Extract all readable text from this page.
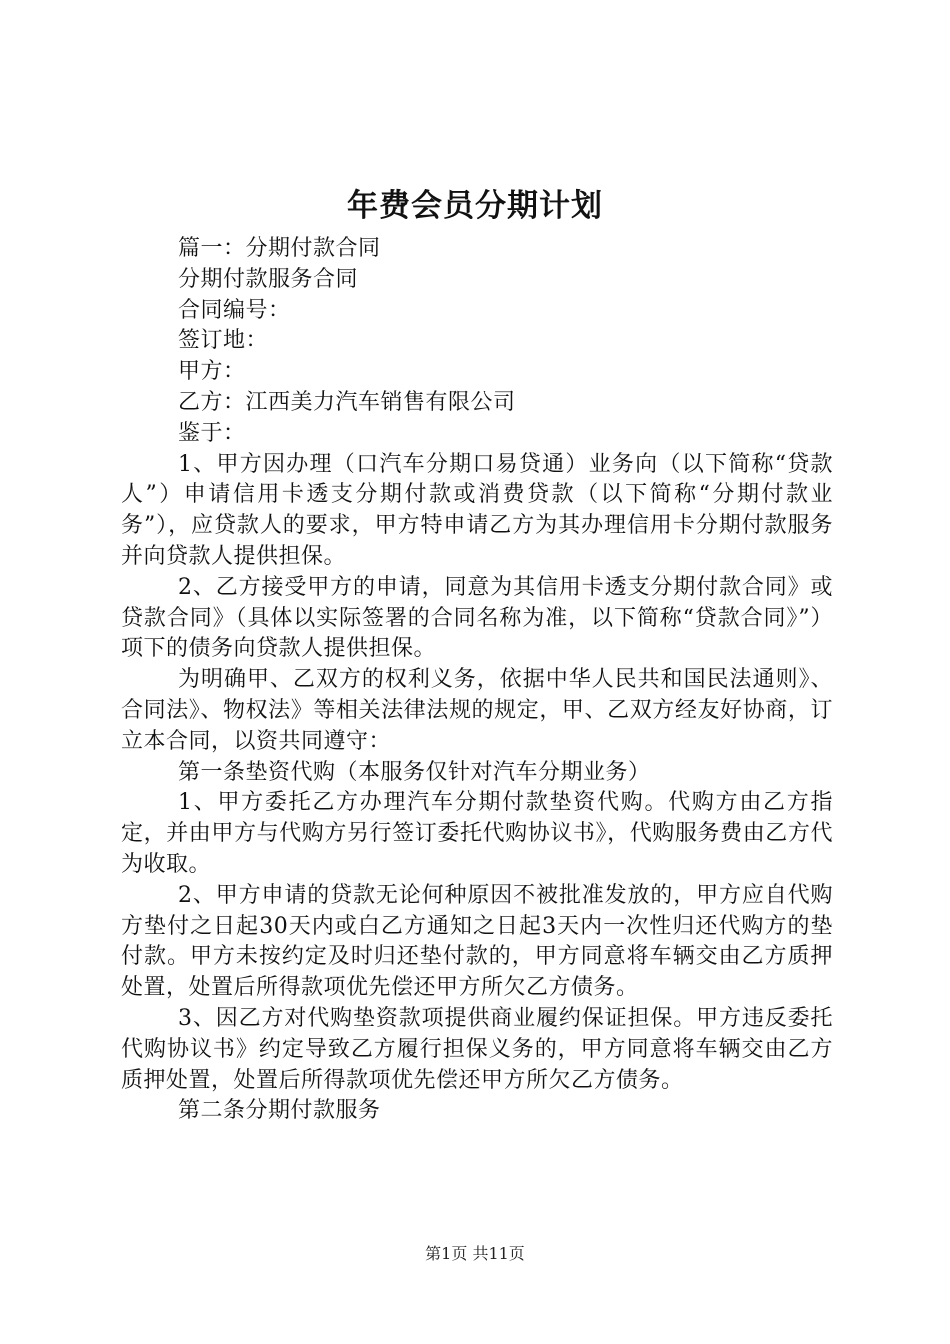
年费会员分期计划

篇一：分期付款合同

分期付款服务合同

合同编号：

签订地：

甲方：

乙方：江西美力汽车销售有限公司

鉴于：

1、甲方因办理（口汽车分期口易贷通）业务向（以下简称“贷款人”）申请信用卡透支分期付款或消费贷款（以下简称“分期付款业务”），应贷款人的要求，甲方特申请乙方为其办理信用卡分期付款服务并向贷款人提供担保。

2、乙方接受甲方的申请，同意为其信用卡透支分期付款合同》或贷款合同》（具体以实际签署的合同名称为准，以下简称“贷款合同》”）项下的债务向贷款人提供担保。

为明确甲、乙双方的权利义务，依据中华人民共和国民法通则》、合同法》、物权法》等相关法律法规的规定，甲、乙双方经友好协商，订立本合同，以资共同遵守：

第一条垫资代购（本服务仅针对汽车分期业务）

1、甲方委托乙方办理汽车分期付款垫资代购。代购方由乙方指定，并由甲方与代购方另行签订委托代购协议书》，代购服务费由乙方代为收取。

2、甲方申请的贷款无论何种原因不被批准发放的，甲方应自代购方垫付之日起30天内或白乙方通知之日起3天内一次性归还代购方的垫付款。甲方未按约定及时归还垫付款的，甲方同意将车辆交由乙方质押处置，处置后所得款项优先偿还甲方所欠乙方债务。

3、因乙方对代购垫资款项提供商业履约保证担保。甲方违反委托代购协议书》约定导致乙方履行担保义务的，甲方同意将车辆交由乙方质押处置，处置后所得款项优先偿还甲方所欠乙方债务。

第二条分期付款服务

第1页 共11页
